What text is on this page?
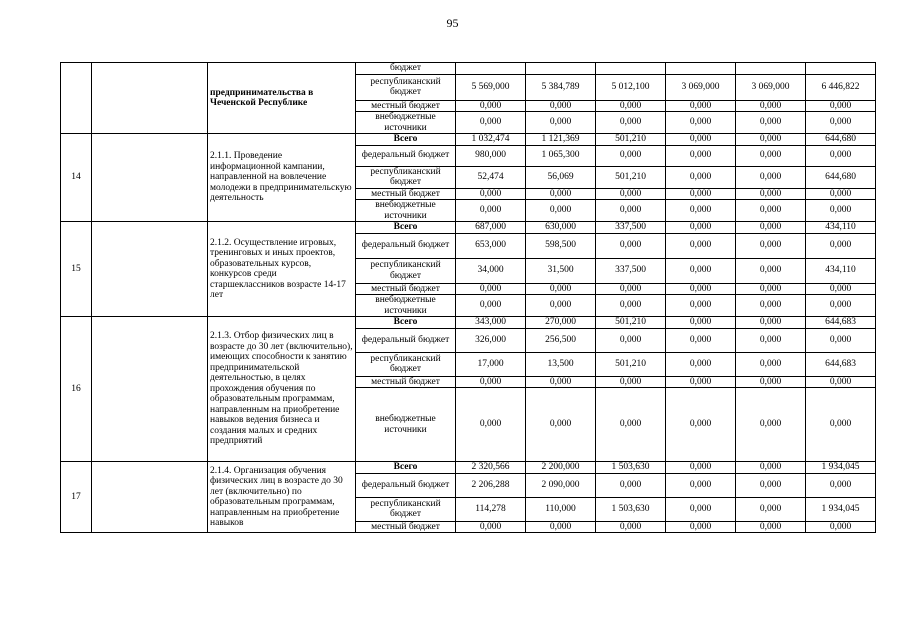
95
		предпринимательства в Чеченской Республике	бюджет						
			республиканский бюджет	5 569,000	5 384,789	5 012,100	3 069,000	3 069,000	6 446,822
			местный бюджет	0,000	0,000	0,000	0,000	0,000	0,000
			внебюджетные источники	0,000	0,000	0,000	0,000	0,000	0,000
14		2.1.1. Проведение информационной кампании, направленной на вовлечение молодежи в предпринимательскую деятельность	Всего	1 032,474	1 121,369	501,210	0,000	0,000	644,680
			федеральный бюджет	980,000	1 065,300	0,000	0,000	0,000	0,000
			республиканский бюджет	52,474	56,069	501,210	0,000	0,000	644,680
			местный бюджет	0,000	0,000	0,000	0,000	0,000	0,000
			внебюджетные источники	0,000	0,000	0,000	0,000	0,000	0,000
15		2.1.2. Осуществление игровых, тренинговых и иных проектов, образовательных курсов, конкурсов среди старшеклассников возрасте 14-17 лет	Всего	687,000	630,000	337,500	0,000	0,000	434,110
			федеральный бюджет	653,000	598,500	0,000	0,000	0,000	0,000
			республиканский бюджет	34,000	31,500	337,500	0,000	0,000	434,110
			местный бюджет	0,000	0,000	0,000	0,000	0,000	0,000
			внебюджетные источники	0,000	0,000	0,000	0,000	0,000	0,000
16		2.1.3. Отбор физических лиц в возрасте до 30 лет (включительно), имеющих способности к занятию предпринимательской деятельностью, в целях прохождения обучения по образовательным программам, направленным на приобретение навыков ведения бизнеса и создания малых и средних предприятий	Всего	343,000	270,000	501,210	0,000	0,000	644,683
			федеральный бюджет	326,000	256,500	0,000	0,000	0,000	0,000
			республиканский бюджет	17,000	13,500	501,210	0,000	0,000	644,683
			местный бюджет	0,000	0,000	0,000	0,000	0,000	0,000
			внебюджетные источники	0,000	0,000	0,000	0,000	0,000	0,000
17		2.1.4. Организация обучения физических лиц в возрасте до 30 лет (включительно) по образовательным программам, направленным на приобретение навыков	Всего	2 320,566	2 200,000	1 503,630	0,000	0,000	1 934,045
			федеральный бюджет	2 206,288	2 090,000	0,000	0,000	0,000	0,000
			республиканский бюджет	114,278	110,000	1 503,630	0,000	0,000	1 934,045
			местный бюджет	0,000	0,000	0,000	0,000	0,000	0,000
